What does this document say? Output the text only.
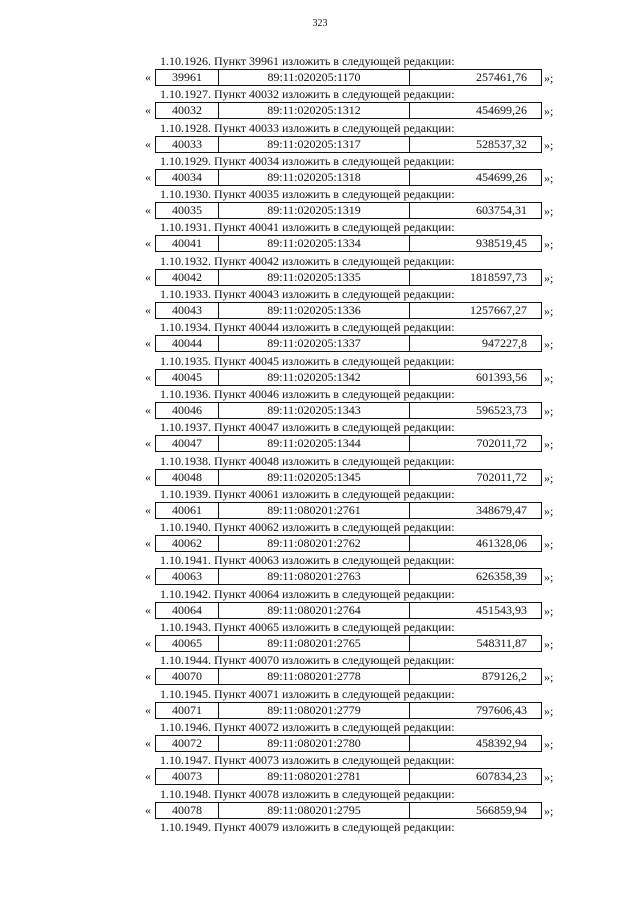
323
1.10.1926. Пункт 39961 изложить в следующей редакции:
«	39961	89:11:020205:1170	257461,76	»;
1.10.1927. Пункт 40032 изложить в следующей редакции:
«	40032	89:11:020205:1312	454699,26	»;
1.10.1928. Пункт 40033 изложить в следующей редакции:
«	40033	89:11:020205:1317	528537,32	»;
1.10.1929. Пункт 40034 изложить в следующей редакции:
«	40034	89:11:020205:1318	454699,26	»;
1.10.1930. Пункт 40035 изложить в следующей редакции:
«	40035	89:11:020205:1319	603754,31	»;
1.10.1931. Пункт 40041 изложить в следующей редакции:
«	40041	89:11:020205:1334	938519,45	»;
1.10.1932. Пункт 40042 изложить в следующей редакции:
«	40042	89:11:020205:1335	1818597,73	»;
1.10.1933. Пункт 40043 изложить в следующей редакции:
«	40043	89:11:020205:1336	1257667,27	»;
1.10.1934. Пункт 40044 изложить в следующей редакции:
«	40044	89:11:020205:1337	947227,8	»;
1.10.1935. Пункт 40045 изложить в следующей редакции:
«	40045	89:11:020205:1342	601393,56	»;
1.10.1936. Пункт 40046 изложить в следующей редакции:
«	40046	89:11:020205:1343	596523,73	»;
1.10.1937. Пункт 40047 изложить в следующей редакции:
«	40047	89:11:020205:1344	702011,72	»;
1.10.1938. Пункт 40048 изложить в следующей редакции:
«	40048	89:11:020205:1345	702011,72	»;
1.10.1939. Пункт 40061 изложить в следующей редакции:
«	40061	89:11:080201:2761	348679,47	»;
1.10.1940. Пункт 40062 изложить в следующей редакции:
«	40062	89:11:080201:2762	461328,06	»;
1.10.1941. Пункт 40063 изложить в следующей редакции:
«	40063	89:11:080201:2763	626358,39	»;
1.10.1942. Пункт 40064 изложить в следующей редакции:
«	40064	89:11:080201:2764	451543,93	»;
1.10.1943. Пункт 40065 изложить в следующей редакции:
«	40065	89:11:080201:2765	548311,87	»;
1.10.1944. Пункт 40070 изложить в следующей редакции:
«	40070	89:11:080201:2778	879126,2	»;
1.10.1945. Пункт 40071 изложить в следующей редакции:
«	40071	89:11:080201:2779	797606,43	»;
1.10.1946. Пункт 40072 изложить в следующей редакции:
«	40072	89:11:080201:2780	458392,94	»;
1.10.1947. Пункт 40073 изложить в следующей редакции:
«	40073	89:11:080201:2781	607834,23	»;
1.10.1948. Пункт 40078 изложить в следующей редакции:
«	40078	89:11:080201:2795	566859,94	»;
1.10.1949. Пункт 40079 изложить в следующей редакции:
